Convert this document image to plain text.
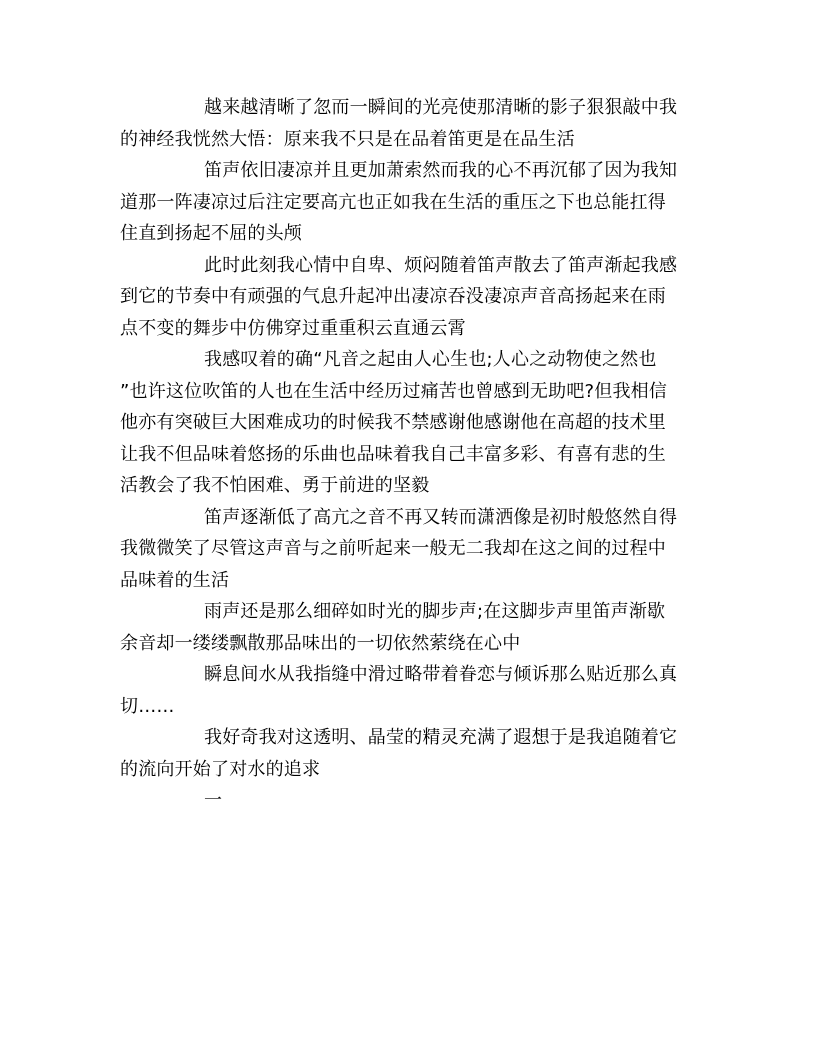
越来越清晰了忽而一瞬间的光亮使那清晰的影子狠狠敲中我
的神经我恍然大悟：原来我不只是在品着笛更是在品生活

笛声依旧凄凉并且更加萧索然而我的心不再沉郁了因为我知
道那一阵凄凉过后注定要高亢也正如我在生活的重压之下也总能扛得
住直到扬起不屈的头颅

此时此刻我心情中自卑、烦闷随着笛声散去了笛声渐起我感
到它的节奏中有顽强的气息升起冲出凄凉吞没凄凉声音高扬起来在雨
点不变的舞步中仿佛穿过重重积云直通云霄

我感叹着的确“凡音之起由人心生也;人心之动物使之然也
”也许这位吹笛的人也在生活中经历过痛苦也曾感到无助吧?但我相信
他亦有突破巨大困难成功的时候我不禁感谢他感谢他在高超的技术里
让我不但品味着悠扬的乐曲也品味着我自己丰富多彩、有喜有悲的生
活教会了我不怕困难、勇于前进的坚毅

笛声逐渐低了高亢之音不再又转而潇洒像是初时般悠然自得
我微微笑了尽管这声音与之前听起来一般无二我却在这之间的过程中
品味着的生活

雨声还是那么细碎如时光的脚步声;在这脚步声里笛声渐歇
余音却一缕缕飘散那品味出的一切依然萦绕在心中

瞬息间水从我指缝中滑过略带着眷恋与倾诉那么贴近那么真
切……

我好奇我对这透明、晶莹的精灵充满了遐想于是我追随着它
的流向开始了对水的追求

一
